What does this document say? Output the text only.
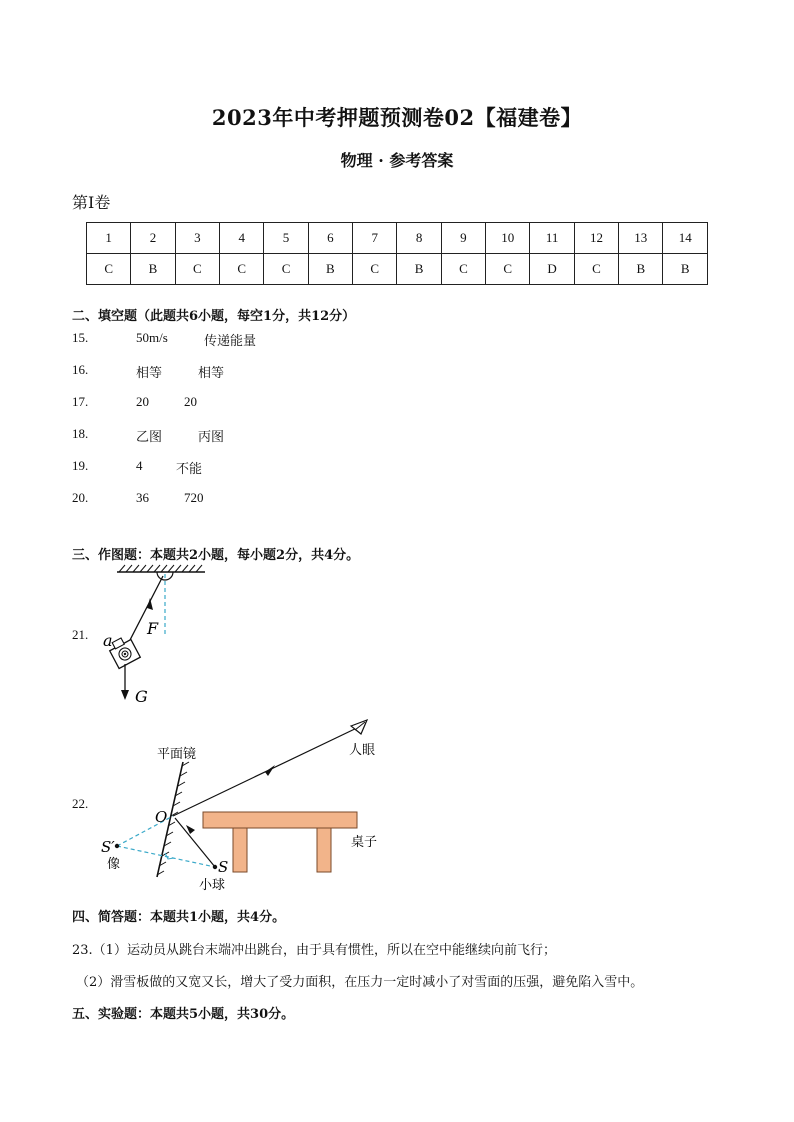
2023年中考押题预测卷02【福建卷】
物理 · 参考答案
第Ⅰ卷
1	2	3	4	5	6	7	8	9	10	11	12	13	14
C	B	C	C	C	B	C	B	C	C	D	C	B	B
二、填空题（此题共6小题，每空1分，共12分）
15.	50m/s	传递能量
16.	相等	相等
17.	20	20
18.	乙图	丙图
19.	4	不能
20.	36	720
三、作图题：本题共2小题，每小题2分，共4分。
21. a
F
G
22.
平面镜	人眼
O
S′
像	S
小球
桌子
四、简答题：本题共1小题，共4分。
23.（1）运动员从跳台末端冲出跳台，由于具有惯性，所以在空中能继续向前飞行；
（2）滑雪板做的又宽又长，增大了受力面积，在压力一定时减小了对雪面的压强，避免陷入雪中。
五、实验题：本题共5小题，共30分。
